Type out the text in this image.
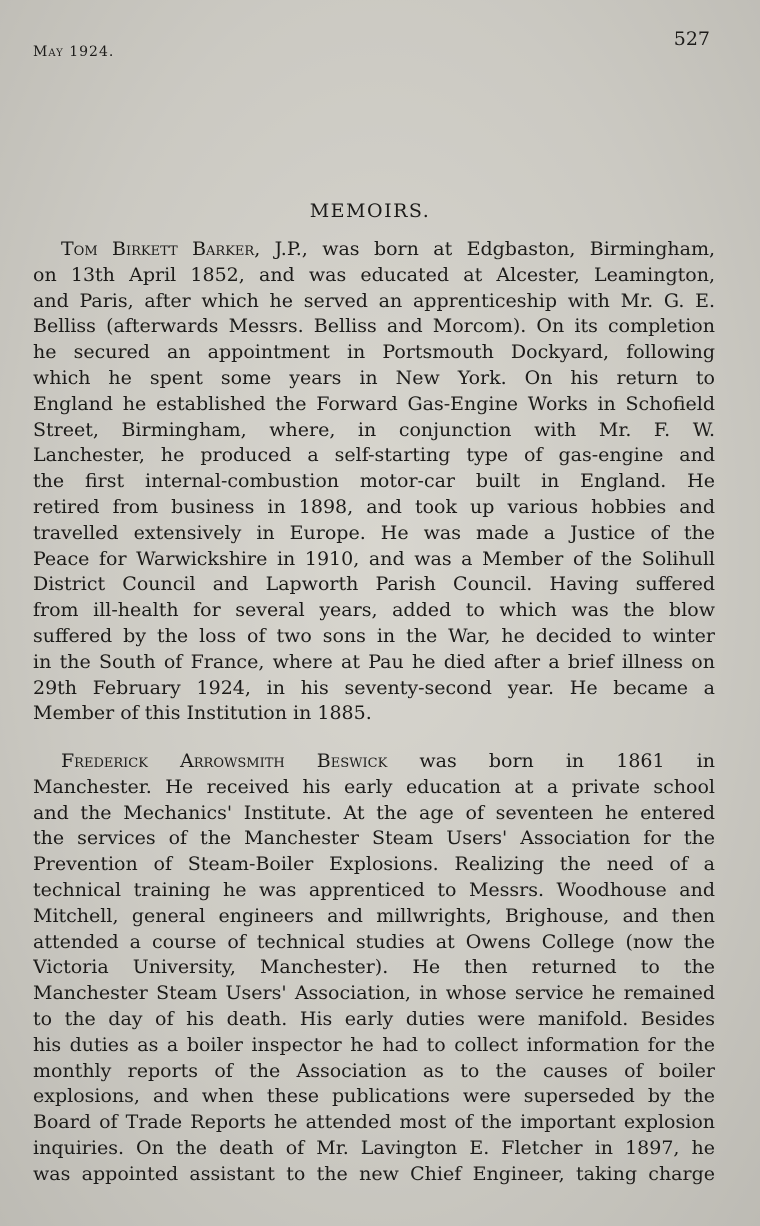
May 1924.
527
MEMOIRS.
Tom Birkett Barker, J.P., was born at Edgbaston, Birmingham,
on 13th April 1852, and was educated at Alcester, Leamington,
and Paris, after which he served an apprenticeship with Mr. G. E.
Belliss (afterwards Messrs. Belliss and Morcom). On its completion
he secured an appointment in Portsmouth Dockyard, following
which he spent some years in New York. On his return to
England he established the Forward Gas-Engine Works in Schofield
Street, Birmingham, where, in conjunction with Mr. F. W.
Lanchester, he produced a self-starting type of gas-engine and
the first internal-combustion motor-car built in England. He
retired from business in 1898, and took up various hobbies and
travelled extensively in Europe. He was made a Justice of the
Peace for Warwickshire in 1910, and was a Member of the Solihull
District Council and Lapworth Parish Council. Having suffered
from ill-health for several years, added to which was the blow
suffered by the loss of two sons in the War, he decided to winter
in the South of France, where at Pau he died after a brief illness on
29th February 1924, in his seventy-second year. He became a
Member of this Institution in 1885.
Frederick Arrowsmith Beswick was born in 1861 in
Manchester. He received his early education at a private school
and the Mechanics' Institute. At the age of seventeen he entered
the services of the Manchester Steam Users' Association for the
Prevention of Steam-Boiler Explosions. Realizing the need of a
technical training he was apprenticed to Messrs. Woodhouse and
Mitchell, general engineers and millwrights, Brighouse, and then
attended a course of technical studies at Owens College (now the
Victoria University, Manchester). He then returned to the
Manchester Steam Users' Association, in whose service he remained
to the day of his death. His early duties were manifold. Besides
his duties as a boiler inspector he had to collect information for the
monthly reports of the Association as to the causes of boiler
explosions, and when these publications were superseded by the
Board of Trade Reports he attended most of the important explosion
inquiries. On the death of Mr. Lavington E. Fletcher in 1897, he
was appointed assistant to the new Chief Engineer, taking charge
